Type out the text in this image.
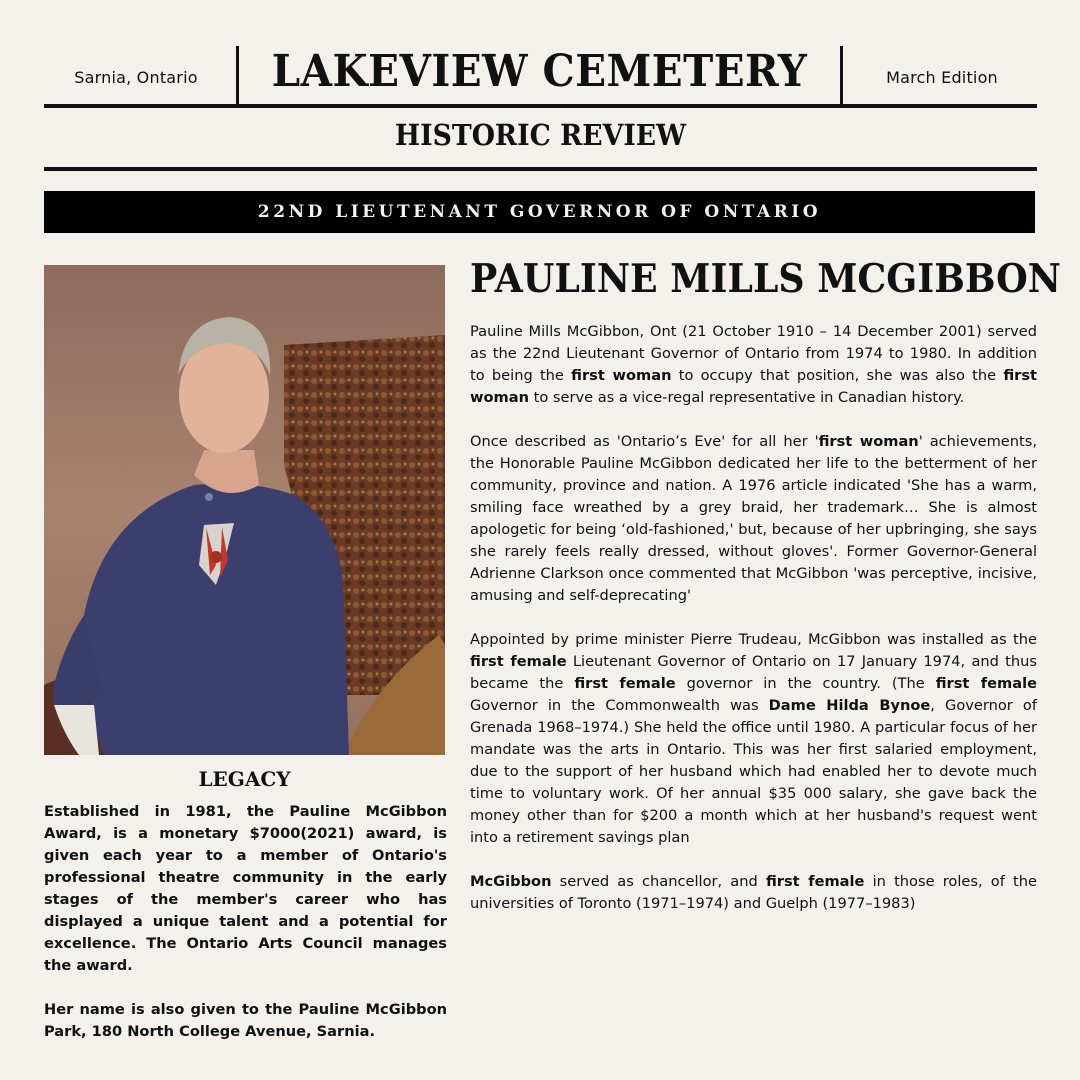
Sarnia, Ontario	LAKEVIEW CEMETERY	March Edition
HISTORIC REVIEW
22ND LIEUTENANT GOVERNOR OF ONTARIO
LEGACY

Established in 1981, the Pauline McGibbon Award, is a monetary $7000(2021) award, is given each year to a member of Ontario's professional theatre community in the early stages of the member's career who has displayed a unique talent and a potential for excellence. The Ontario Arts Council manages the award.

Her name is also given to the Pauline McGibbon Park, 180 North College Avenue, Sarnia.

PAULINE MILLS MCGIBBON

Pauline Mills McGibbon, Ont (21 October 1910 – 14 December 2001) served as the 22nd Lieutenant Governor of Ontario from 1974 to 1980. In addition to being the first woman to occupy that position, she was also the first woman to serve as a vice-regal representative in Canadian history.

Once described as 'Ontario’s Eve' for all her 'first woman' achievements, the Honorable Pauline McGibbon dedicated her life to the betterment of her community, province and nation. A 1976 article indicated 'She has a warm, smiling face wreathed by a grey braid, her trademark… She is almost apologetic for being ‘old-fashioned,' but, because of her upbringing, she says she rarely feels really dressed, without gloves'. Former Governor-General Adrienne Clarkson once commented that McGibbon 'was perceptive, incisive, amusing and self-deprecating'

Appointed by prime minister Pierre Trudeau, McGibbon was installed as the first female Lieutenant Governor of Ontario on 17 January 1974, and thus became the first female governor in the country. (The first female Governor in the Commonwealth was Dame Hilda Bynoe, Governor of Grenada 1968–1974.) She held the office until 1980. A particular focus of her mandate was the arts in Ontario. This was her first salaried employment, due to the support of her husband which had enabled her to devote much time to voluntary work. Of her annual $35 000 salary, she gave back the money other than for $200 a month which at her husband's request went into a retirement savings plan

McGibbon served as chancellor, and first female in those roles, of the universities of Toronto (1971–1974) and Guelph (1977–1983)
